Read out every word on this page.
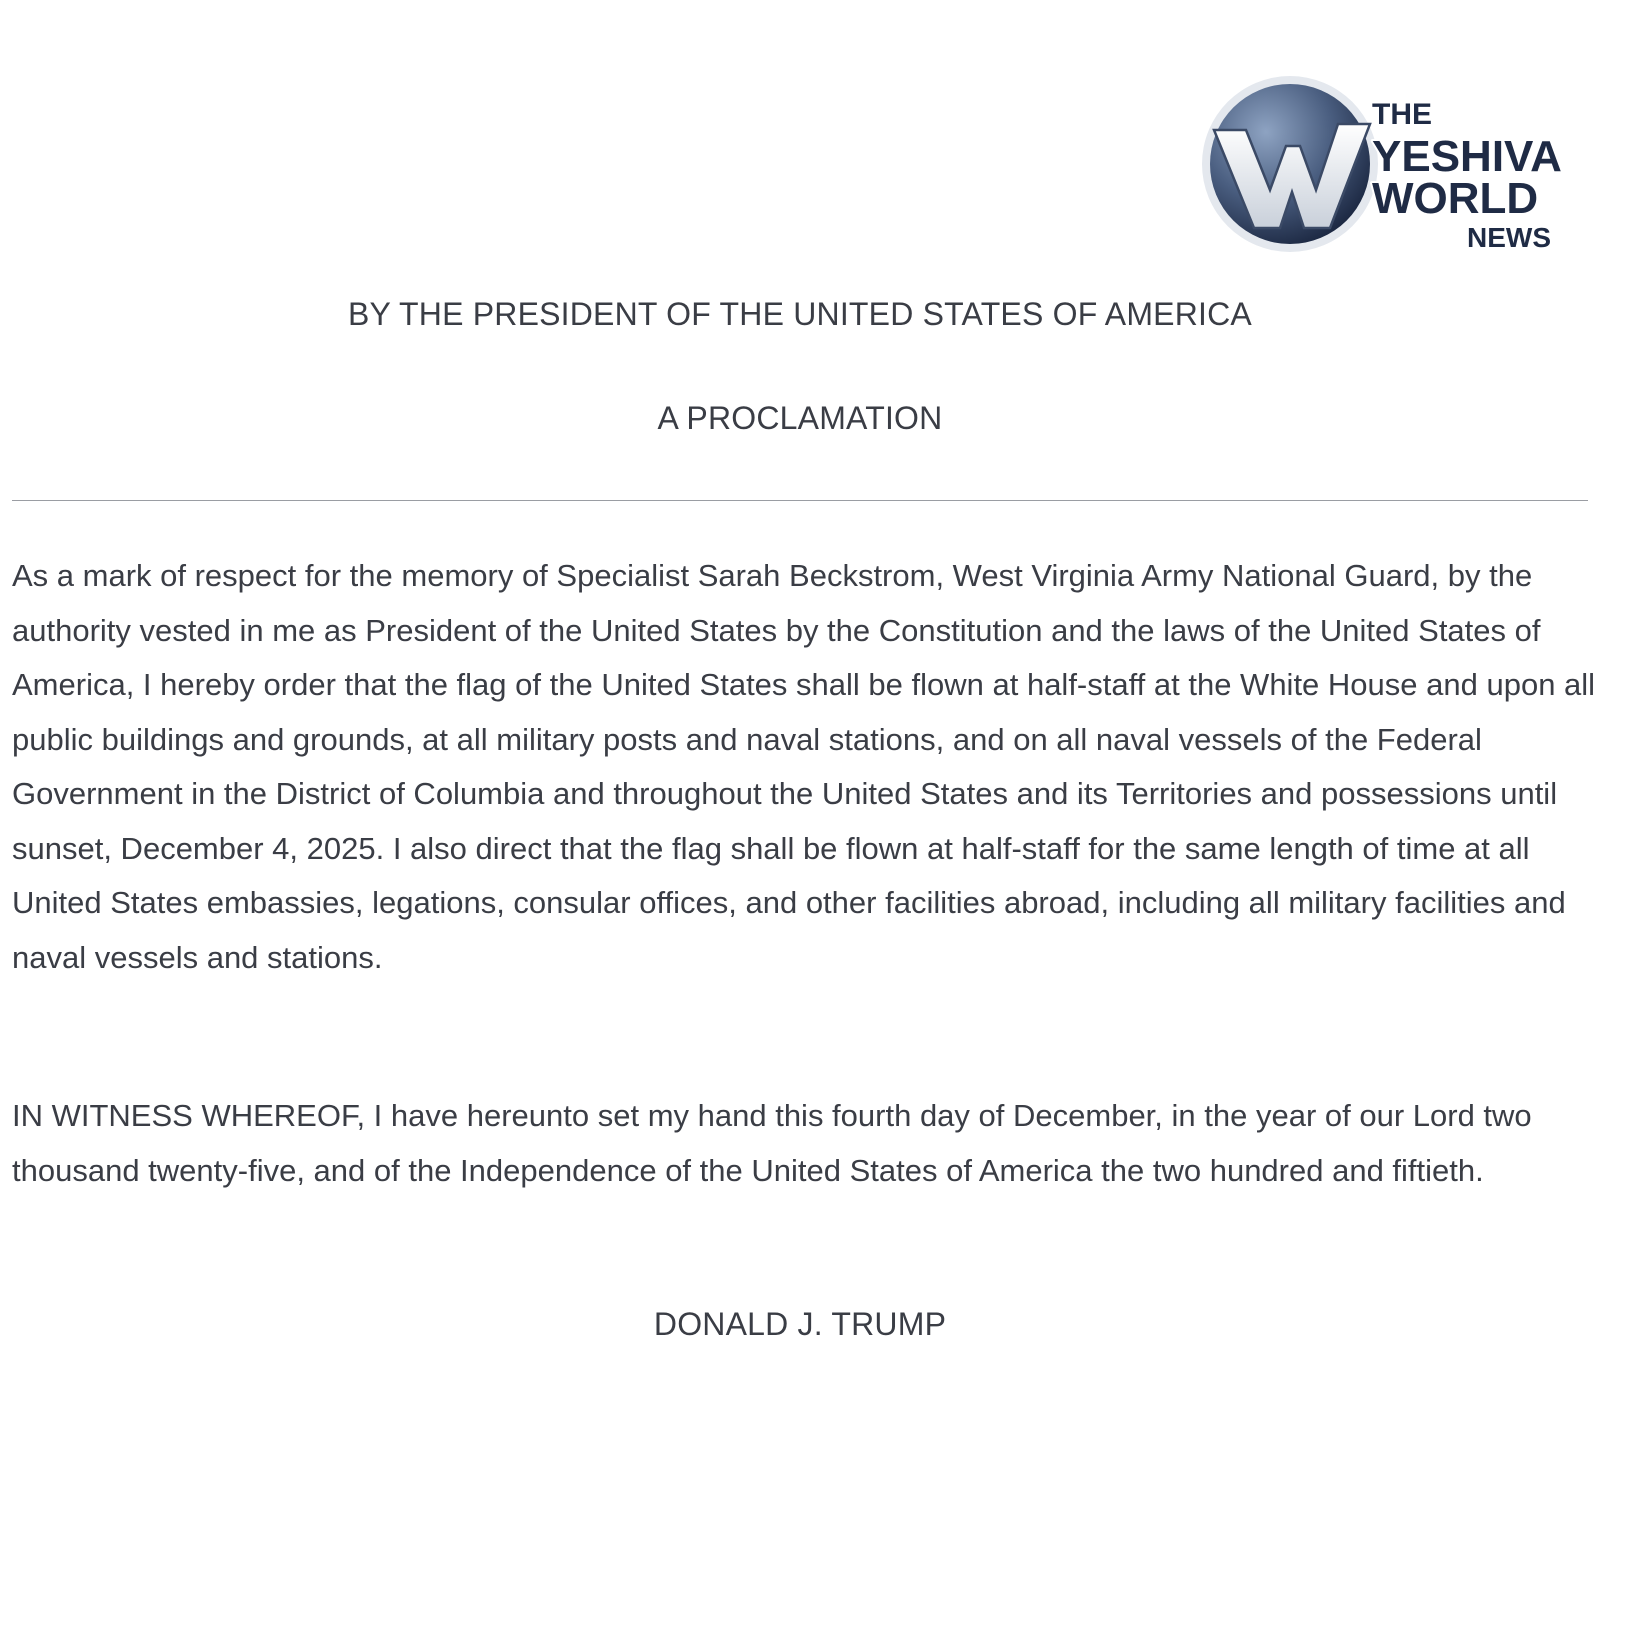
THE
YESHIVA
WORLD
NEWS
BY THE PRESIDENT OF THE UNITED STATES OF AMERICA
A PROCLAMATION

As a mark of respect for the memory of Specialist Sarah Beckstrom, West Virginia Army National Guard, by the authority vested in me as President of the United States by the Constitution and the laws of the United States of America, I hereby order that the flag of the United States shall be flown at half-staff at the White House and upon all public buildings and grounds, at all military posts and naval stations, and on all naval vessels of the Federal Government in the District of Columbia and throughout the United States and its Territories and possessions until sunset, December 4, 2025. I also direct that the flag shall be flown at half-staff for the same length of time at all United States embassies, legations, consular offices, and other facilities abroad, including all military facilities and naval vessels and stations.

IN WITNESS WHEREOF, I have hereunto set my hand this fourth day of December, in the year of our Lord two thousand twenty-five, and of the Independence of the United States of America the two hundred and fiftieth.

DONALD J. TRUMP
